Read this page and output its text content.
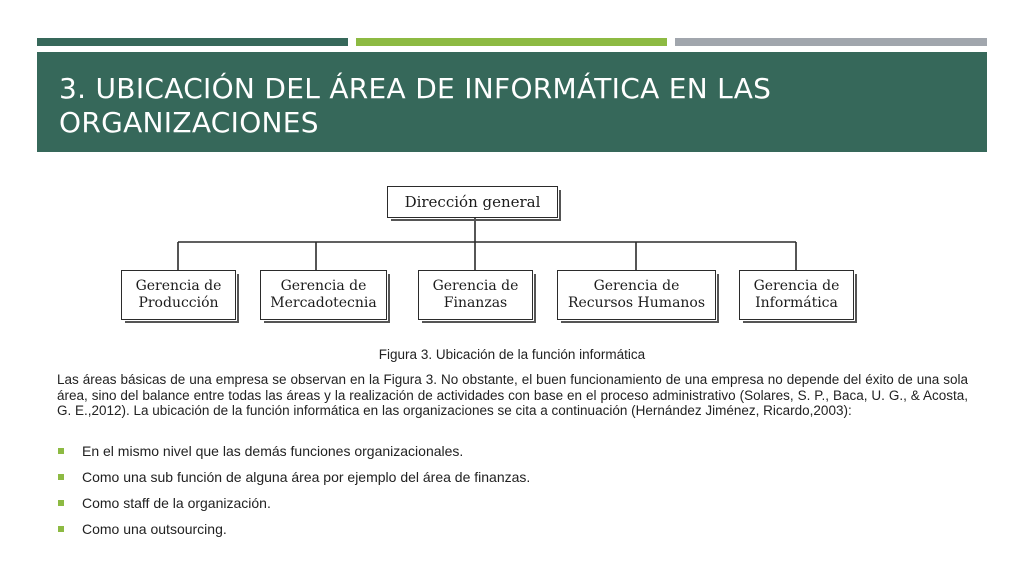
3. UBICACIÓN DEL ÁREA DE INFORMÁTICA EN LAS ORGANIZACIONES
Dirección general
Gerencia de Producción
Gerencia de Mercadotecnia
Gerencia de Finanzas
Gerencia de Recursos Humanos
Gerencia de Informática
Figura 3. Ubicación de la función informática
Las áreas básicas de una empresa se observan en la Figura 3. No obstante, el buen funcionamiento de una empresa no depende del éxito de una sola área, sino del balance entre todas las áreas y la realización de actividades con base en el proceso administrativo (Solares, S. P., Baca, U. G., & Acosta, G. E.,2012). La ubicación de la función informática en las organizaciones se cita a continuación (Hernández Jiménez, Ricardo,2003):
En el mismo nivel que las demás funciones organizacionales.
Como una sub función de alguna área por ejemplo del área de finanzas.
Como staff de la organización.
Como una outsourcing.
